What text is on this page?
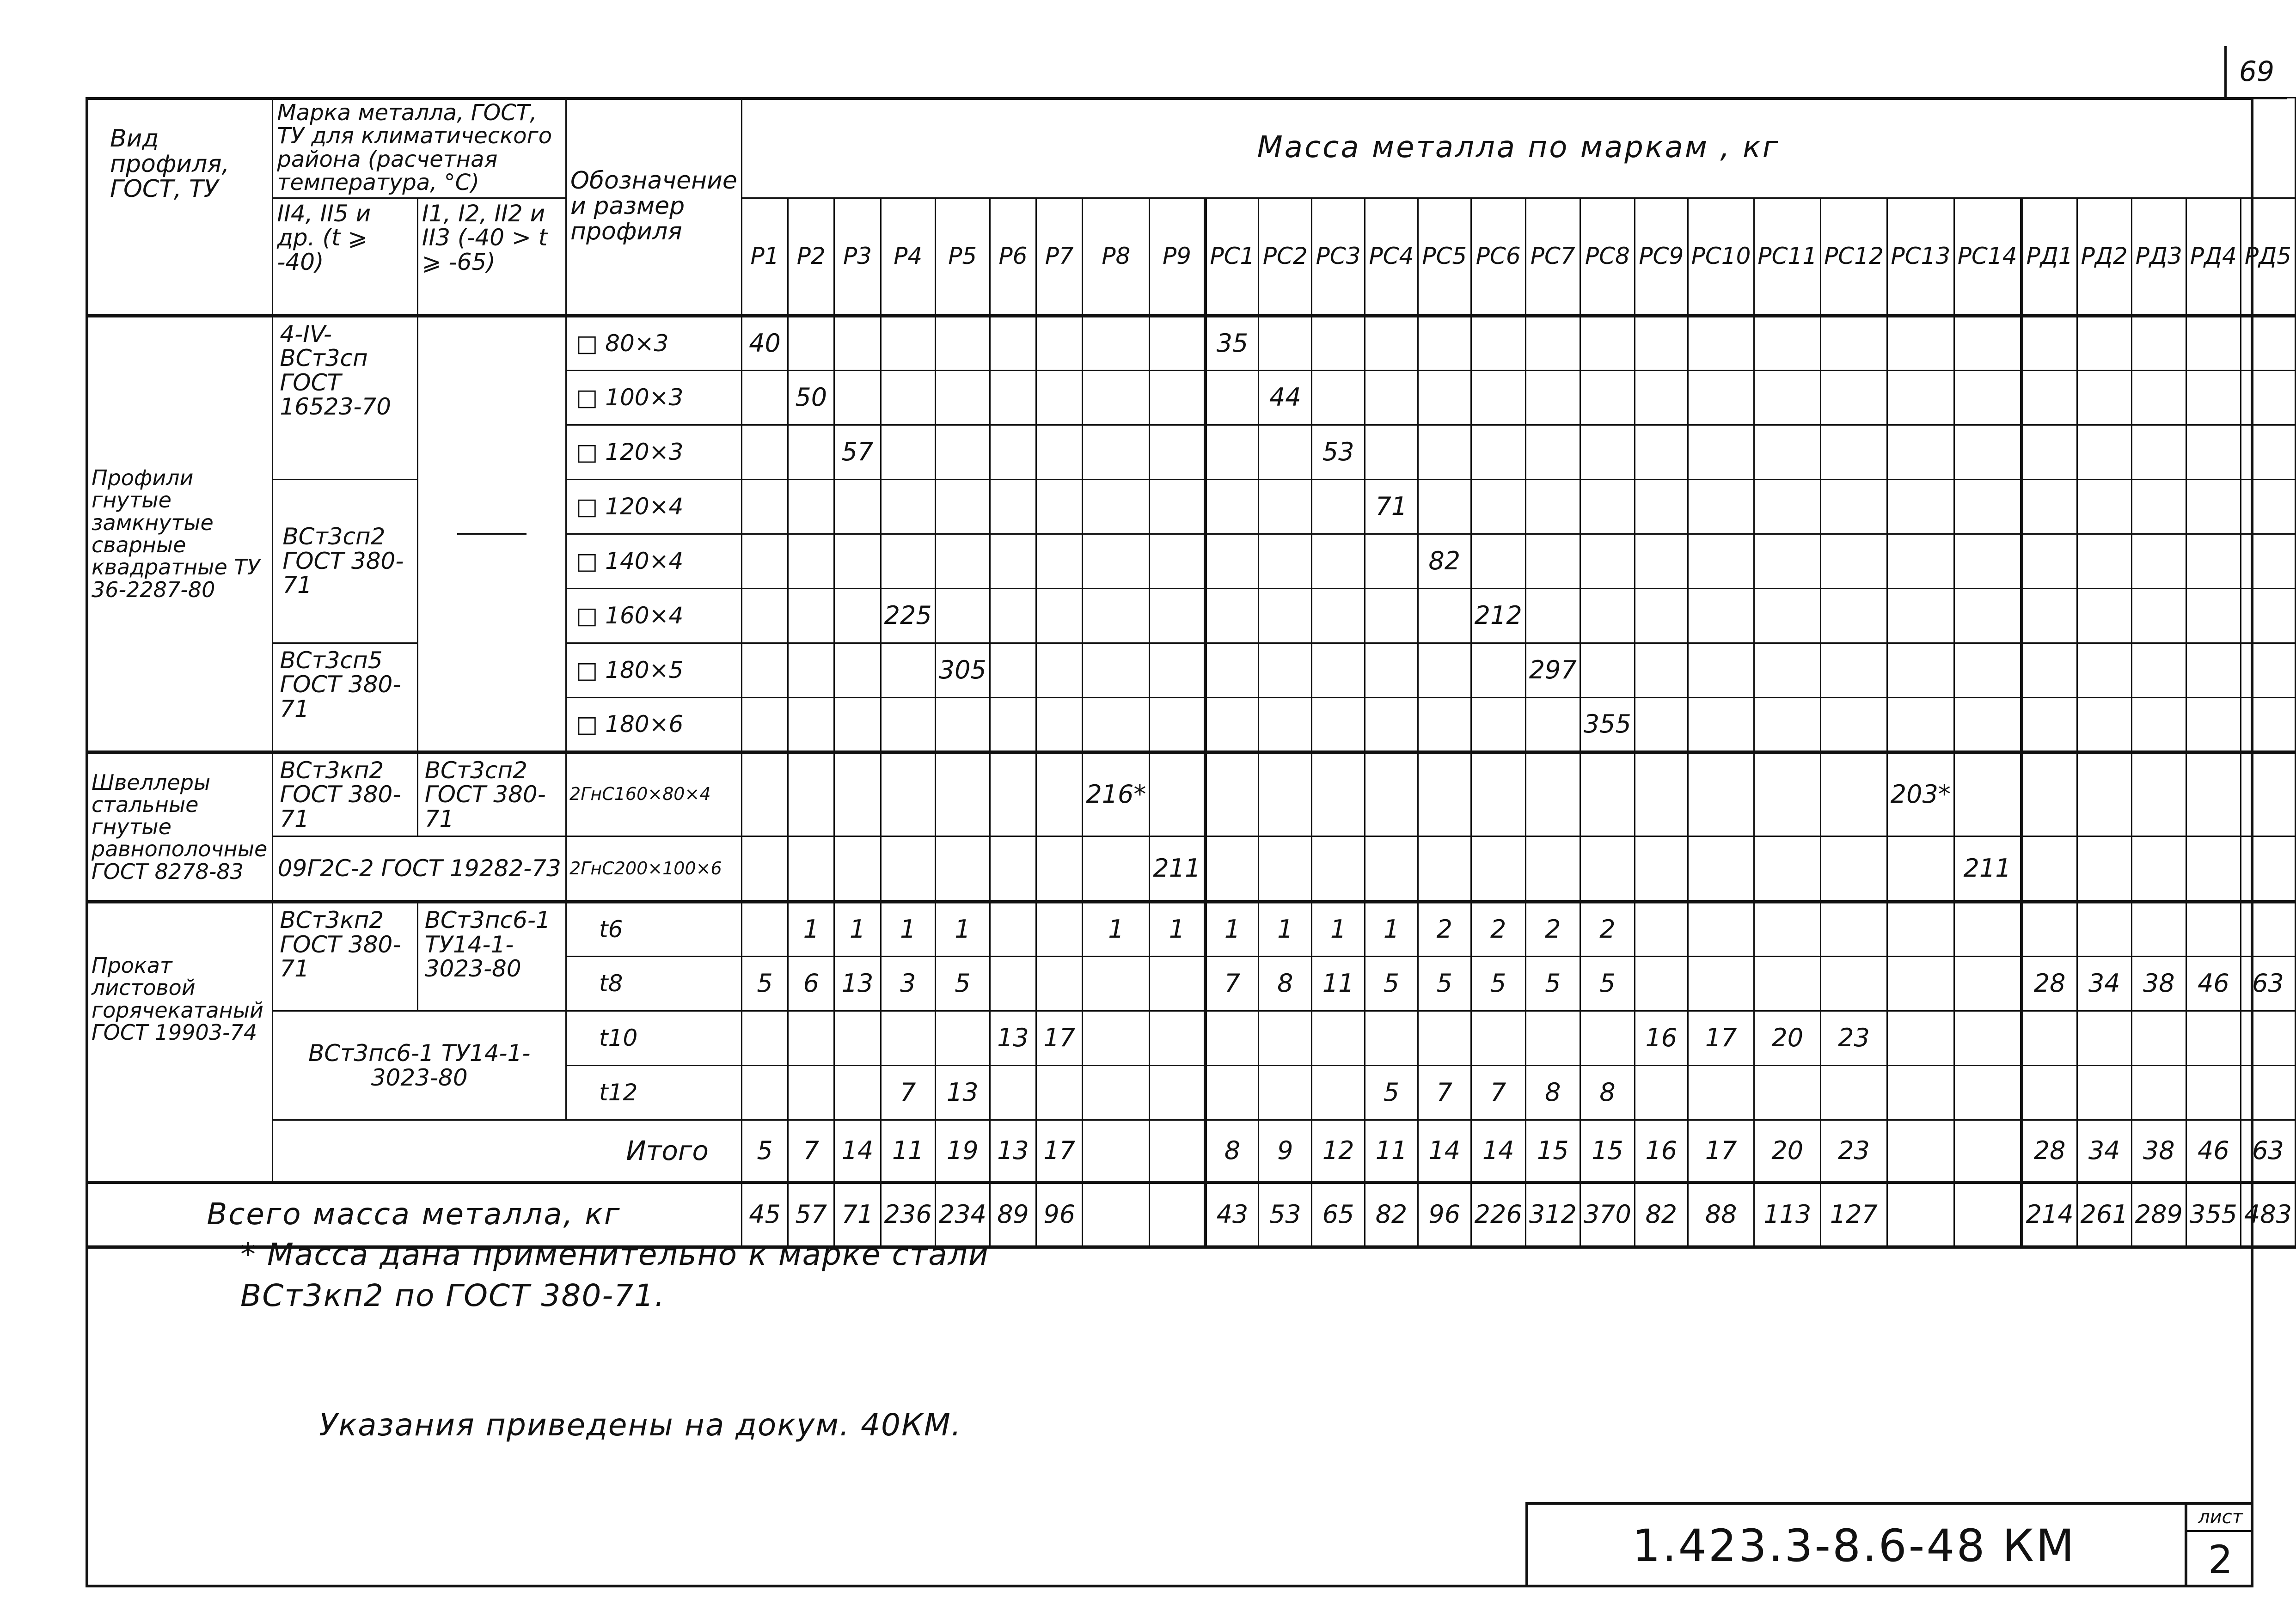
69
Вид профиля, ГОСТ, ТУ	Марка металла, ГОСТ, ТУ для климатического района (расчетная температура, °С)		Обозначение и размер профиля	Масса металла по маркам , кг																											
	II4, II5 и др. (t ⩾ -40)	I1, I2, II2 и II3 (-40 > t ⩾ -65)		Р1	Р2	Р3	Р4	Р5	Р6	Р7	Р8	Р9	РС1	РС2	РС3	РС4	РС5	РС6	РС7	РС8	РС9	РС10	РС11	РС12	РС13	РС14	РД1	РД2	РД3	РД4	РД5
Профили гнутые замкнутые сварные квадратные ТУ 36-2287-80	4-IV-ВСт3сп ГОСТ 16523-70		□ 80×3	40									35																		
			□ 100×3		50									44																	
			□ 120×3			57									53																
	ВСт3сп2 ГОСТ 380-71		□ 120×4													71															
			□ 140×4														82														
			□ 160×4				225											212													
	ВСт3сп5 ГОСТ 380-71		□ 180×5					305											297												
			□ 180×6																	355											
Швеллеры стальные гнутые равнополочные ГОСТ 8278-83	ВСт3кп2 ГОСТ 380-71	ВСт3сп2 ГОСТ 380-71	2ГнС160×80×4								216*														203*						
	09Г2С-2 ГОСТ 19282-73		2ГнС200×100×6									211														211					
Прокат листовой горячекатаный ГОСТ 19903-74	ВСт3кп2 ГОСТ 380-71	ВСт3пс6-1 ТУ14-1-3023-80	t6		1	1	1	1			1	1	1	1	1	1	2	2	2	2											
			t8	5	6	13	3	5					7	8	11	5	5	5	5	5							28	34	38	46	63
	ВСт3пс6-1 ТУ14-1-3023-80		t10						13	17											16	17	20	23							
			t12				7	13								5	7	7	8	8											
	Итого			5	7	14	11	19	13	17			8	9	12	11	14	14	15	15	16	17	20	23			28	34	38	46	63
Всего масса металла, кг				45	57	71	236	234	89	96			43	53	65	82	96	226	312	370	82	88	113	127			214	261	289	355	483
* Масса дана применительно к марке стали
ВСт3кп2 по ГОСТ 380-71.
Указания приведены на докум. 40КМ.
1.423.3-8.6-48 КМ
лист
2
